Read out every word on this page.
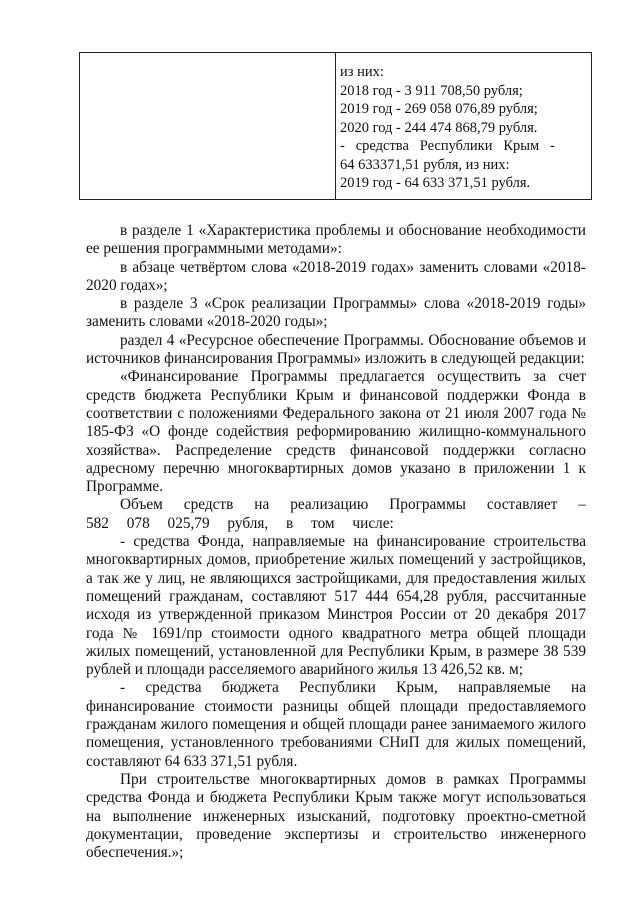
из них:
2018 год - 3 911 708,50 рубля;
2019 год - 269 058 076,89 рубля;
2020 год - 244 474 868,79 рубля.
-   средства   Республики   Крым   -
64 633371,51 рубля, из них:
2019 год - 64 633 371,51 рубля.

в разделе 1 «Характеристика проблемы и обоснование необходимости ее решения программными методами»:

в абзаце четвёртом слова «2018-2019 годах» заменить словами «2018-2020 годах»;

в разделе 3 «Срок реализации Программы» слова «2018-2019 годы» заменить словами «2018-2020 годы»;

раздел 4 «Ресурсное обеспечение Программы. Обоснование объемов и источников финансирования Программы» изложить в следующей редакции:

«Финансирование Программы предлагается осуществить за счет средств бюджета Республики Крым и финансовой поддержки Фонда в соответствии с положениями Федерального закона от 21 июля 2007 года № 185-ФЗ «О фонде содействия реформированию жилищно-коммунального хозяйства». Распределение средств финансовой поддержки согласно адресному перечню многоквартирных домов указано в приложении 1 к Программе.

Объем средств на реализацию Программы составляет – 582 078 025,79 рубля, в том числе:

- средства Фонда, направляемые на финансирование строительства многоквартирных домов, приобретение жилых помещений у застройщиков, а так же у лиц, не являющихся застройщиками, для предоставления жилых помещений гражданам, составляют 517 444 654,28 рубля, рассчитанные исходя из утвержденной приказом Минстроя России от 20 декабря 2017 года № 1691/пр стоимости одного квадратного метра общей площади жилых помещений, установленной для Республики Крым, в размере 38 539 рублей и площади расселяемого аварийного жилья 13 426,52 кв. м;

- средства бюджета Республики Крым, направляемые на финансирование стоимости разницы общей площади предоставляемого гражданам жилого помещения и общей площади ранее занимаемого жилого помещения, установленного требованиями СНиП для жилых помещений, составляют 64 633 371,51 рубля.

При строительстве многоквартирных домов в рамках Программы средства Фонда и бюджета Республики Крым также могут использоваться на выполнение инженерных изысканий, подготовку проектно-сметной документации, проведение экспертизы и строительство инженерного обеспечения.»;
